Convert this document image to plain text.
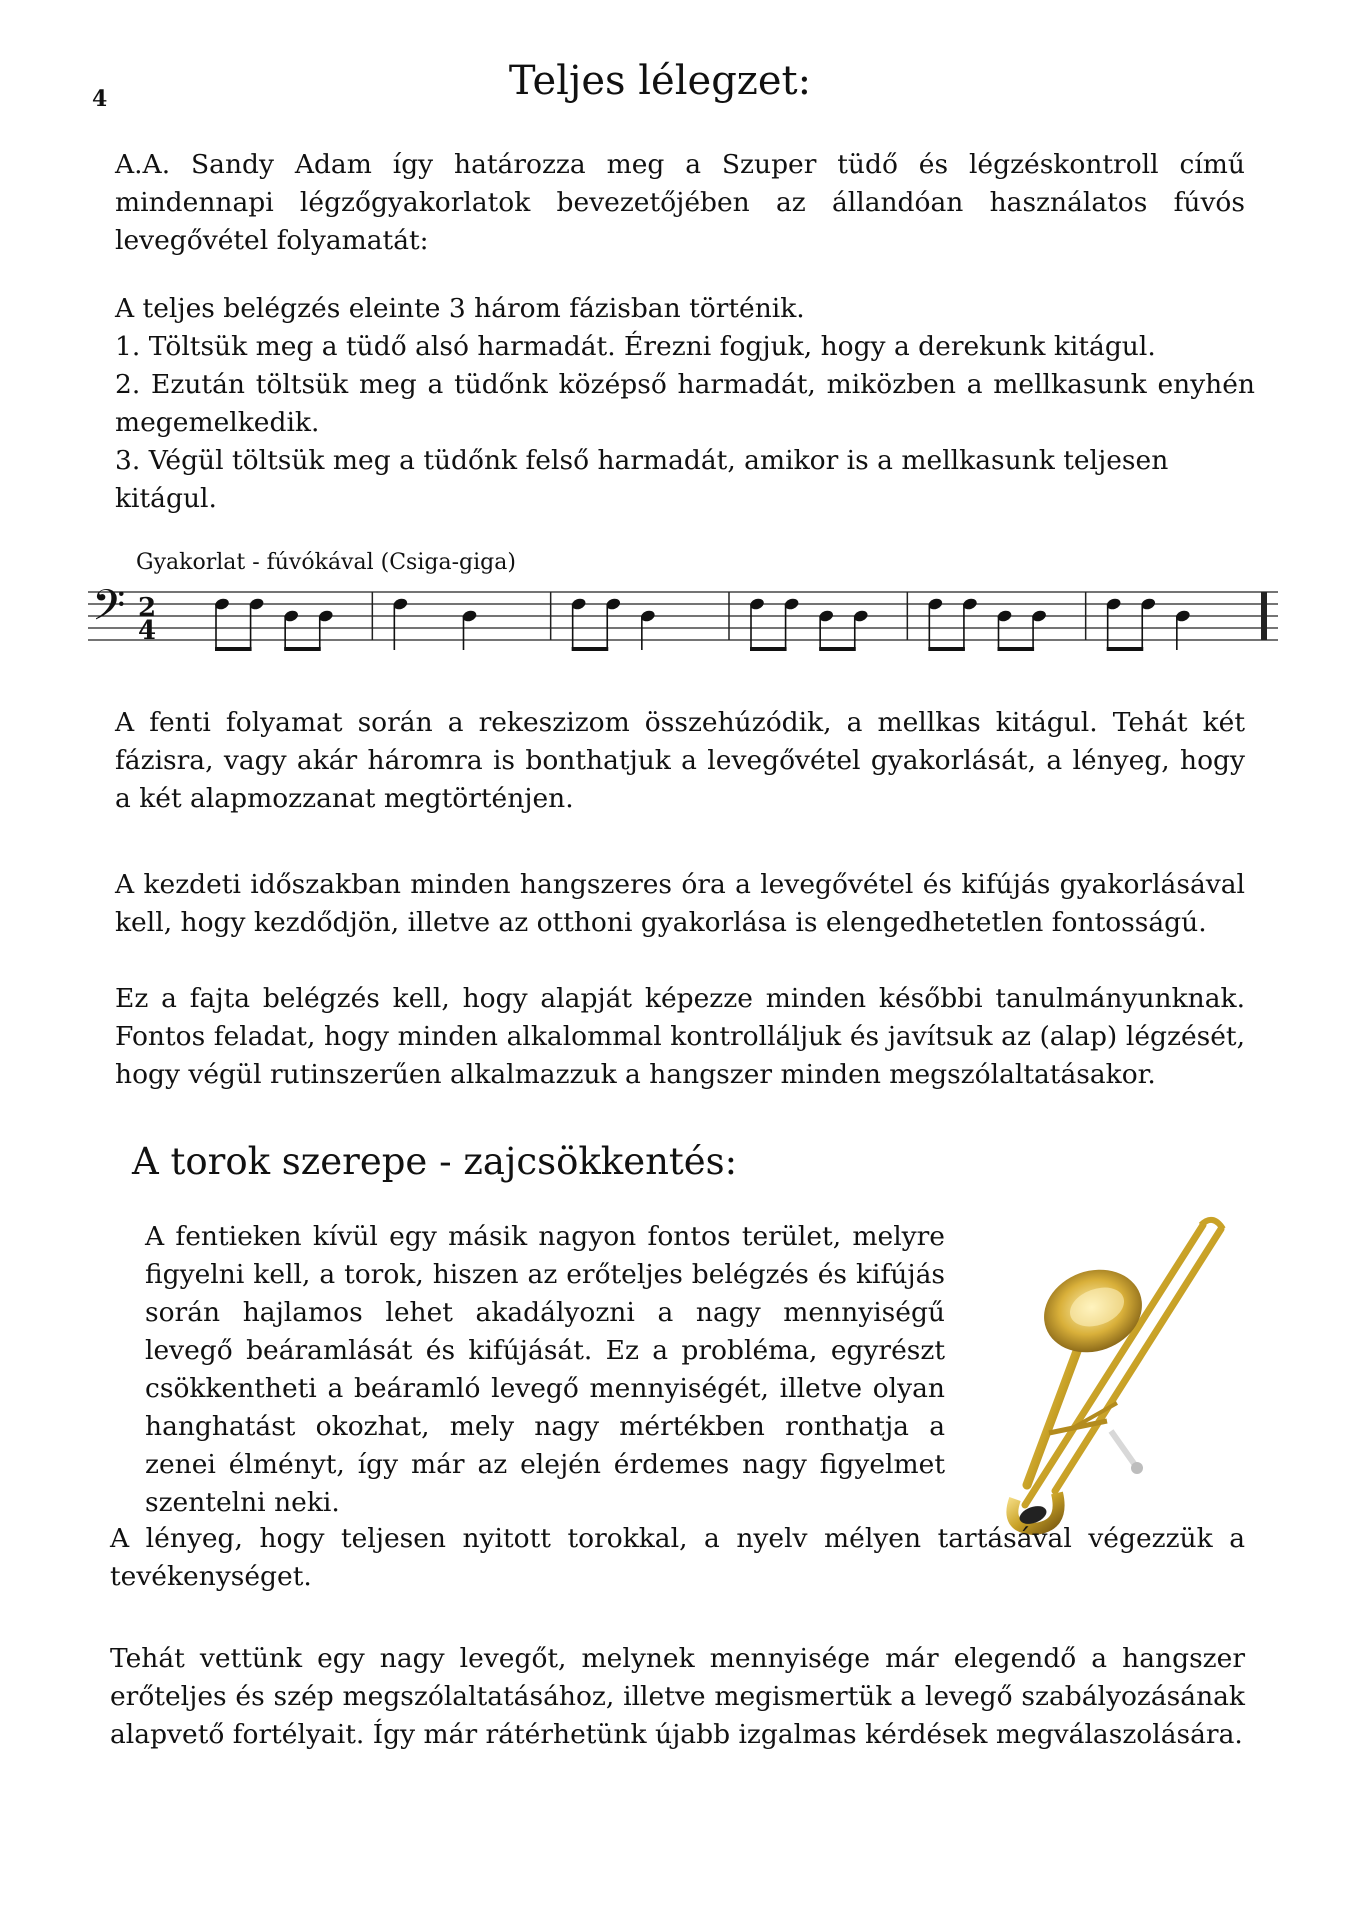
4	Teljes lélegzet:

A.A. Sandy Adam így határozza meg a Szuper tüdő és légzéskontroll című mindennapi légzőgyakorlatok bevezetőjében az állandóan használatos fúvós levegővétel folyamatát:

A teljes belégzés eleinte 3 három fázisban történik.

1. Töltsük meg a tüdő alsó harmadát. Érezni fogjuk, hogy a derekunk kitágul.

2. Ezután töltsük meg a tüdőnk középső harmadát, miközben a mellkasunk enyhén megemelkedik.

3. Végül töltsük meg a tüdőnk felső harmadát, amikor is a mellkasunk teljesen kitágul.

Gyakorlat - fúvókával (Csiga-giga)
𝄢 2
4

A fenti folyamat során a rekeszizom összehúzódik, a mellkas kitágul. Tehát két fázisra, vagy akár háromra is bonthatjuk a levegővétel gyakorlását, a lényeg, hogy a két alapmozzanat megtörténjen.

A kezdeti időszakban minden hangszeres óra a levegővétel és kifújás gyakorlásával kell, hogy kezdődjön, illetve az otthoni gyakorlása is elengedhetetlen fontosságú.

Ez a fajta belégzés kell, hogy alapját képezze minden későbbi tanulmányunknak. Fontos feladat, hogy minden alkalommal kontrolláljuk és javítsuk az (alap) légzését, hogy végül rutinszerűen alkalmazzuk a hangszer minden megszólaltatásakor.

A torok szerepe - zajcsökkentés:

A fentieken kívül egy másik nagyon fontos terület, melyre figyelni kell, a torok, hiszen az erőteljes belégzés és kifújás során hajlamos lehet akadályozni a nagy mennyiségű levegő beáramlását és kifújását. Ez a probléma, egyrészt csökkentheti a beáramló levegő mennyiségét, illetve olyan hanghatást okozhat, mely nagy mértékben ronthatja a zenei élményt, így már az elején érdemes nagy figyelmet szentelni neki.

A lényeg, hogy teljesen nyitott torokkal, a nyelv mélyen tartásával végezzük a tevékenységet.

Tehát vettünk egy nagy levegőt, melynek mennyisége már elegendő a hangszer erőteljes és szép megszólaltatásához, illetve megismertük a levegő szabályozásának alapvető fortélyait. Így már rátérhetünk újabb izgalmas kérdések megválaszolására.
